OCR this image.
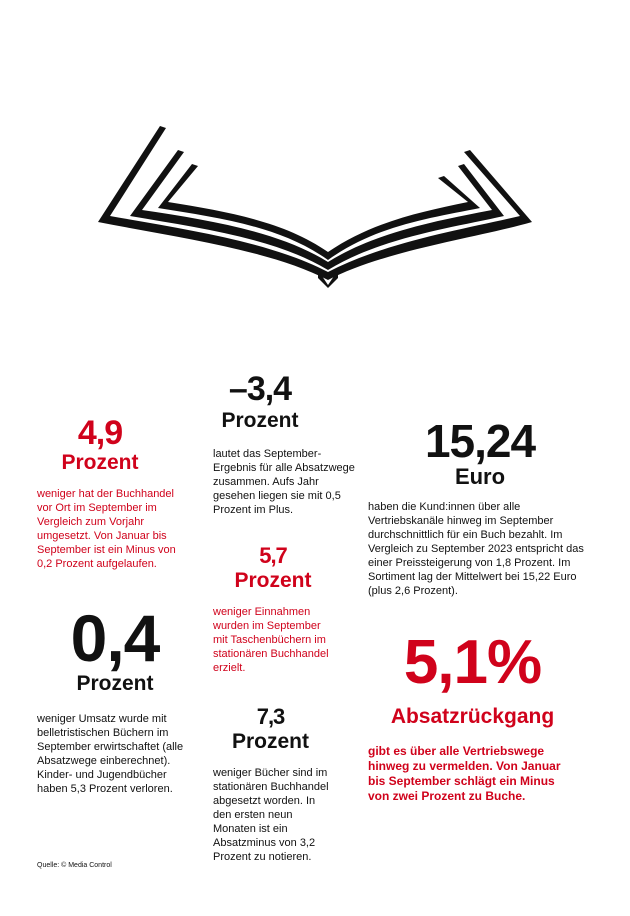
4,9
Prozent
weniger hat der Buchhandel vor Ort im September im Vergleich zum Vorjahr umgesetzt. Von Januar bis September ist ein Minus von 0,2 Prozent aufgelaufen.
–3,4
Prozent
lautet das September-Ergebnis für alle Absatzwege zusammen. Aufs Jahr gesehen liegen sie mit 0,5 Prozent im Plus.
15,24
Euro
haben die Kund:innen über alle Vertriebskanäle hinweg im September durchschnittlich für ein Buch bezahlt. Im Vergleich zu September 2023 entspricht das einer Preissteigerung von 1,8 Prozent. Im Sortiment lag der Mittelwert bei 15,22 Euro (plus 2,6 Prozent).
5,7
Prozent
weniger Einnahmen wurden im September mit Taschenbüchern im stationären Buchhandel erzielt.
0,4
Prozent
weniger Umsatz wurde mit belletristischen Büchern im September erwirtschaftet (alle Absatzwege einberechnet). Kinder- und Jugendbücher haben 5,3 Prozent verloren.
5,1%
Absatzrückgang
gibt es über alle Vertriebswege hinweg zu vermelden. Von Januar bis September schlägt ein Minus von zwei Prozent zu Buche.
7,3
Prozent
weniger Bücher sind im stationären Buchhandel abgesetzt worden. In den ersten neun Monaten ist ein Absatzminus von 3,2 Prozent zu notieren.
Quelle: © Media Control
